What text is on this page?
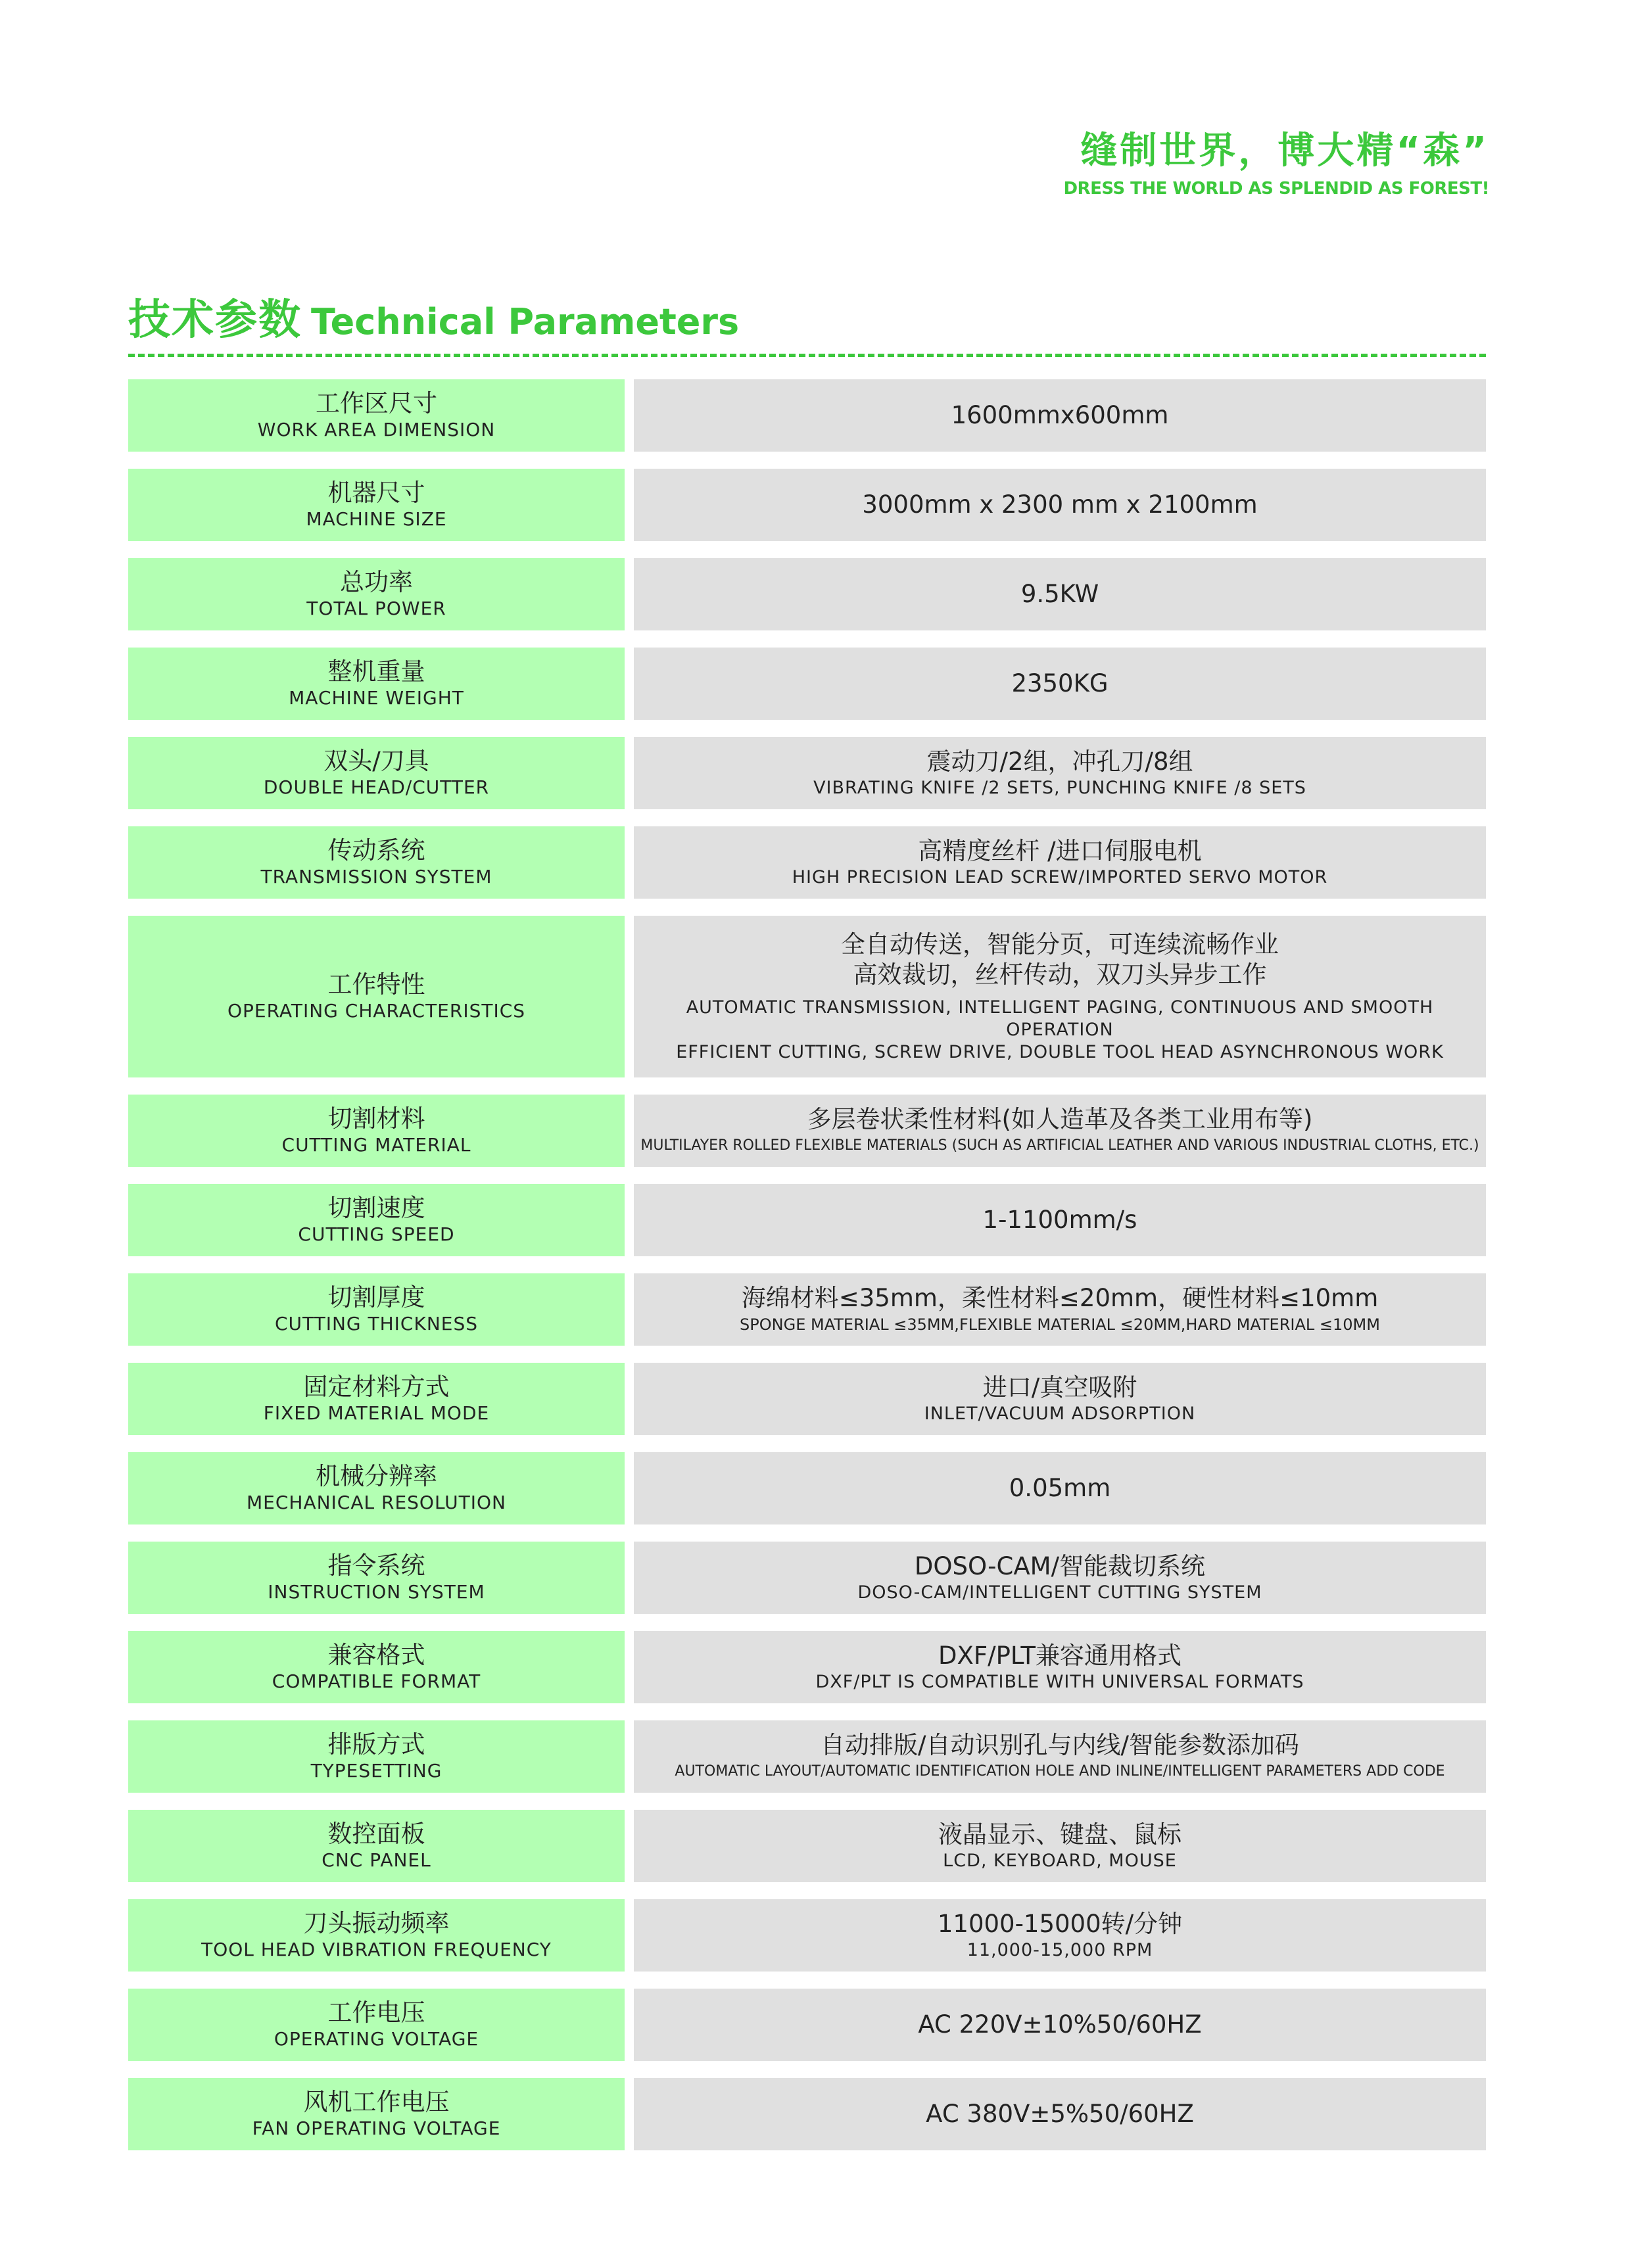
缝制世界，博大精“森”
DRESS THE WORLD AS SPLENDID AS FOREST!
技术参数 Technical Parameters
工作区尺寸
WORK AREA DIMENSION
1600mmx600mm
机器尺寸
MACHINE SIZE
3000mm x 2300 mm x 2100mm
总功率
TOTAL POWER
9.5KW
整机重量
MACHINE WEIGHT
2350KG
双头/刀具
DOUBLE HEAD/CUTTER
震动刀/2组，冲孔刀/8组
VIBRATING KNIFE /2 SETS, PUNCHING KNIFE /8 SETS
传动系统
TRANSMISSION SYSTEM
高精度丝杆 /进口伺服电机
HIGH PRECISION LEAD SCREW/IMPORTED SERVO MOTOR
工作特性
OPERATING CHARACTERISTICS
全自动传送，智能分页，可连续流畅作业
高效裁切，丝杆传动，双刀头异步工作
AUTOMATIC TRANSMISSION, INTELLIGENT PAGING, CONTINUOUS AND SMOOTH OPERATION
EFFICIENT CUTTING, SCREW DRIVE, DOUBLE TOOL HEAD ASYNCHRONOUS WORK
切割材料
CUTTING MATERIAL
多层卷状柔性材料(如人造革及各类工业用布等)
MULTILAYER ROLLED FLEXIBLE MATERIALS (SUCH AS ARTIFICIAL LEATHER AND VARIOUS INDUSTRIAL CLOTHS, ETC.)
切割速度
CUTTING SPEED
1-1100mm/s
切割厚度
CUTTING THICKNESS
海绵材料≤35mm，柔性材料≤20mm，硬性材料≤10mm
SPONGE MATERIAL ≤35MM,FLEXIBLE MATERIAL ≤20MM,HARD MATERIAL ≤10MM
固定材料方式
FIXED MATERIAL MODE
进口/真空吸附
INLET/VACUUM ADSORPTION
机械分辨率
MECHANICAL RESOLUTION
0.05mm
指令系统
INSTRUCTION SYSTEM
DOSO-CAM/智能裁切系统
DOSO-CAM/INTELLIGENT CUTTING SYSTEM
兼容格式
COMPATIBLE FORMAT
DXF/PLT兼容通用格式
DXF/PLT IS COMPATIBLE WITH UNIVERSAL FORMATS
排版方式
TYPESETTING
自动排版/自动识别孔与内线/智能参数添加码
AUTOMATIC LAYOUT/AUTOMATIC IDENTIFICATION HOLE AND INLINE/INTELLIGENT PARAMETERS ADD CODE
数控面板
CNC PANEL
液晶显示、键盘、鼠标
LCD, KEYBOARD, MOUSE
刀头振动频率
TOOL HEAD VIBRATION FREQUENCY
11000-15000转/分钟
11,000-15,000 RPM
工作电压
OPERATING VOLTAGE
AC 220V±10%50/60HZ
风机工作电压
FAN OPERATING VOLTAGE
AC 380V±5%50/60HZ
